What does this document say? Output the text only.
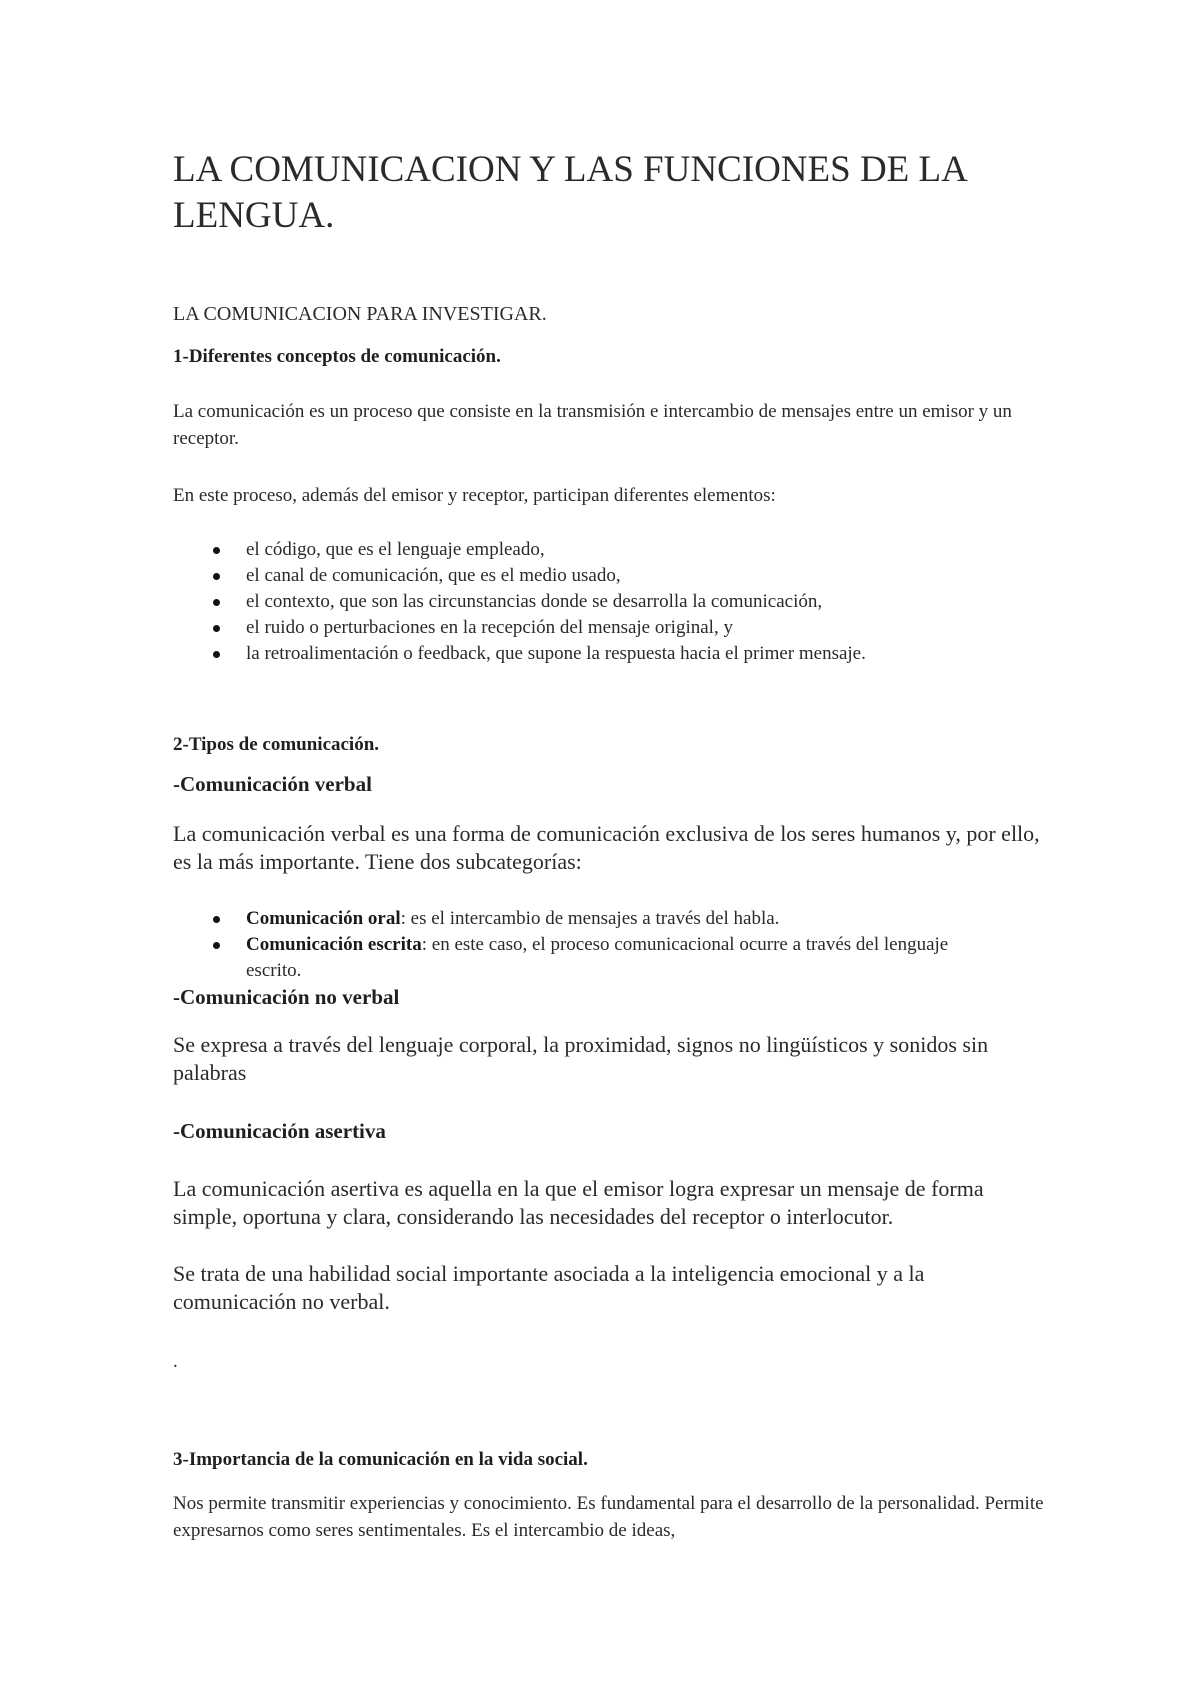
LA COMUNICACION Y LAS FUNCIONES DE LA LENGUA.

LA COMUNICACION PARA INVESTIGAR.

1-Diferentes conceptos de comunicación.

La comunicación es un proceso que consiste en la transmisión e intercambio de mensajes entre un emisor y un receptor.

En este proceso, además del emisor y receptor, participan diferentes elementos:

el código, que es el lenguaje empleado,
el canal de comunicación, que es el medio usado,
el contexto, que son las circunstancias donde se desarrolla la comunicación,
el ruido o perturbaciones en la recepción del mensaje original, y
la retroalimentación o feedback, que supone la respuesta hacia el primer mensaje.

2-Tipos de comunicación.

-Comunicación verbal

La comunicación verbal es una forma de comunicación exclusiva de los seres humanos y, por ello, es la más importante. Tiene dos subcategorías:

Comunicación oral: es el intercambio de mensajes a través del habla.
Comunicación escrita: en este caso, el proceso comunicacional ocurre a través del lenguaje escrito.

-Comunicación no verbal

Se expresa a través del lenguaje corporal, la proximidad, signos no lingüísticos y sonidos sin palabras

-Comunicación asertiva

La comunicación asertiva es aquella en la que el emisor logra expresar un mensaje de forma simple, oportuna y clara, considerando las necesidades del receptor o interlocutor.

Se trata de una habilidad social importante asociada a la inteligencia emocional y a la comunicación no verbal.

.

3-Importancia de la comunicación en la vida social.

Nos permite transmitir experiencias y conocimiento. Es fundamental para el desarrollo de la personalidad. Permite expresarnos como seres sentimentales. Es el intercambio de ideas,
